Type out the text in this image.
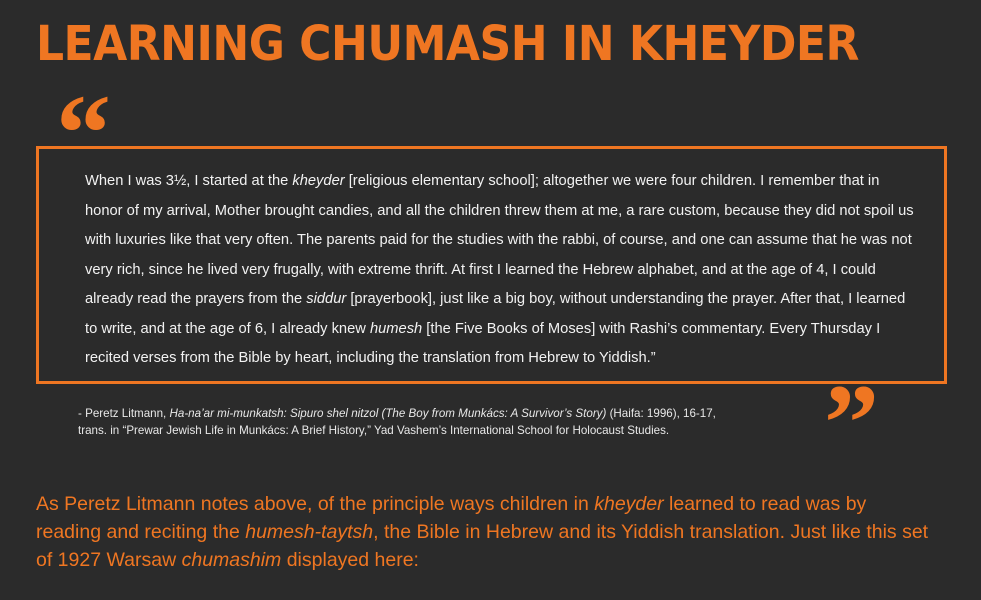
LEARNING CHUMASH IN KHEYDER
“
When I was 3½, I started at the kheyder [religious elementary school]; altogether we were four children. I remember that in honor of my arrival, Mother brought candies, and all the children threw them at me, a rare custom, because they did not spoil us with luxuries like that very often. The parents paid for the studies with the rabbi, of course, and one can assume that he was not very rich, since he lived very frugally, with extreme thrift. At first I learned the Hebrew alphabet, and at the age of 4, I could already read the prayers from the siddur [prayerbook], just like a big boy, without understanding the prayer. After that, I learned to write, and at the age of 6, I already knew humesh [the Five Books of Moses] with Rashi’s commentary. Every Thursday I recited verses from the Bible by heart, including the translation from Hebrew to Yiddish.”
”
- Peretz Litmann, Ha-na’ar mi-munkatsh: Sipuro shel nitzol (The Boy from Munkács: A Survivor’s Story) (Haifa: 1996), 16-17,
trans. in “Prewar Jewish Life in Munkács: A Brief History,” Yad Vashem’s International School for Holocaust Studies.
As Peretz Litmann notes above, of the principle ways children in kheyder learned to read was by reading and reciting the humesh-taytsh, the Bible in Hebrew and its Yiddish translation. Just like this set of 1927 Warsaw chumashim displayed here:
